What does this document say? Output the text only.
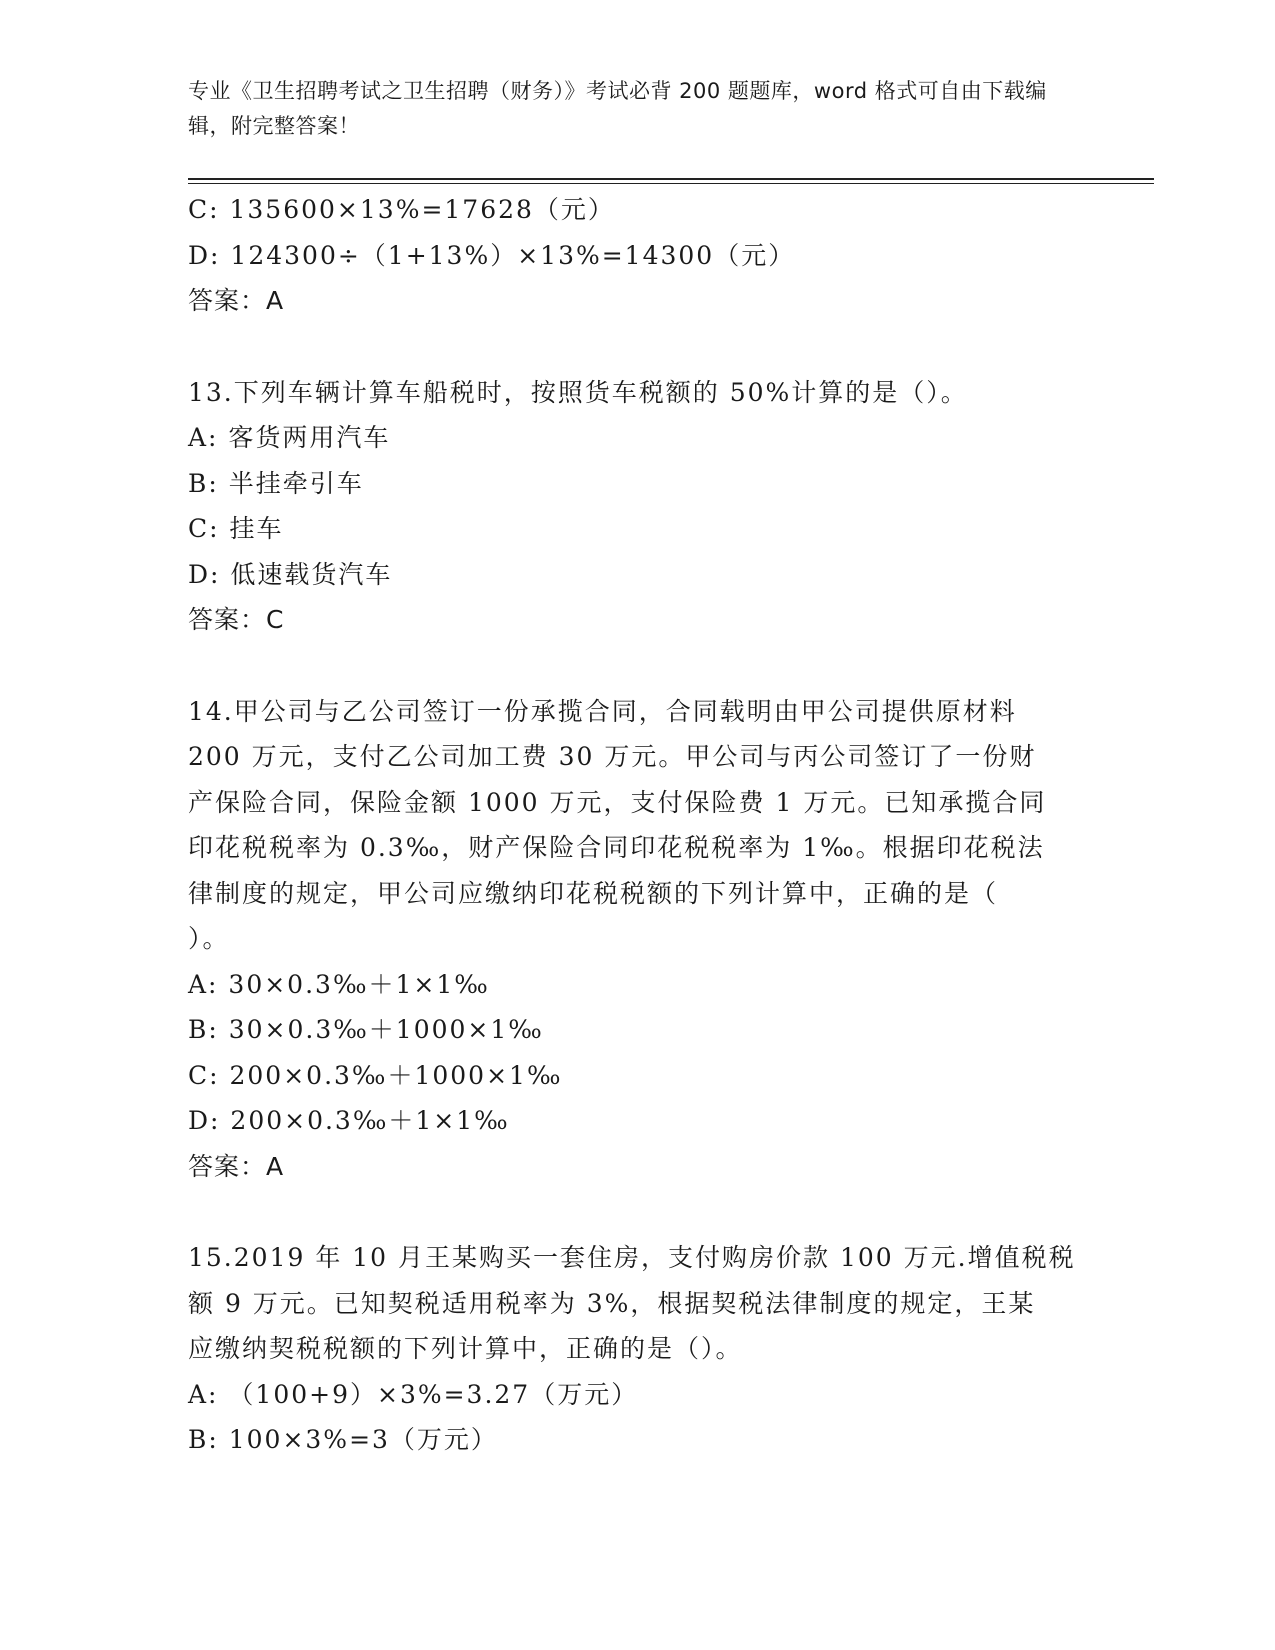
专业《卫生招聘考试之卫生招聘（财务）》考试必背 200 题题库，word 格式可自由下载编辑，附完整答案！
C: 135600×13%=17628（元）
D: 124300÷（1+13%）×13%=14300（元）
答案：A
13.下列车辆计算车船税时，按照货车税额的 50%计算的是（）。
A: 客货两用汽车
B: 半挂牵引车
C: 挂车
D: 低速载货汽车
答案：C
14.甲公司与乙公司签订一份承揽合同，合同载明由甲公司提供原材料
200 万元，支付乙公司加工费 30 万元。甲公司与丙公司签订了一份财
产保险合同，保险金额 1000 万元，支付保险费 1 万元。已知承揽合同
印花税税率为 0.3‰，财产保险合同印花税税率为 1‰。根据印花税法
律制度的规定，甲公司应缴纳印花税税额的下列计算中，正确的是（
）。
A: 30×0.3‰＋1×1‰
B: 30×0.3‰＋1000×1‰
C: 200×0.3‰＋1000×1‰
D: 200×0.3‰＋1×1‰
答案：A
15.2019 年 10 月王某购买一套住房，支付购房价款 100 万元.增值税税
额 9 万元。已知契税适用税率为 3%，根据契税法律制度的规定，王某
应缴纳契税税额的下列计算中，正确的是（）。
A: （100+9）×3%=3.27（万元）
B: 100×3%=3（万元）
